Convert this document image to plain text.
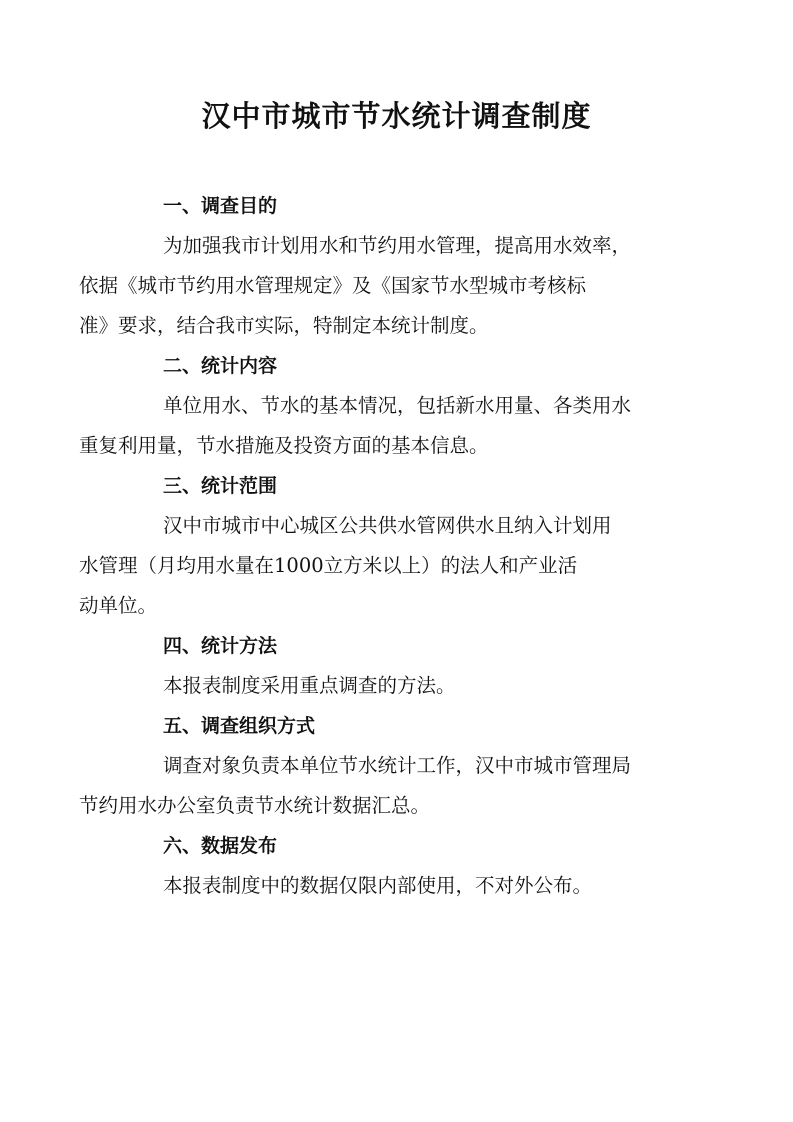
汉中市城市节水统计调查制度
一、调查目的

为加强我市计划用水和节约用水管理，提高用水效率，
依据《城市节约用水管理规定》及《国家节水型城市考核标
准》要求，结合我市实际，特制定本统计制度。

二、统计内容

单位用水、节水的基本情况，包括新水用量、各类用水
重复利用量，节水措施及投资方面的基本信息。

三、统计范围

汉中市城市中心城区公共供水管网供水且纳入计划用
水管理（月均用水量在1000立方米以上）的法人和产业活
动单位。

四、统计方法

本报表制度采用重点调查的方法。

五、调查组织方式

调查对象负责本单位节水统计工作，汉中市城市管理局
节约用水办公室负责节水统计数据汇总。

六、数据发布

本报表制度中的数据仅限内部使用，不对外公布。
